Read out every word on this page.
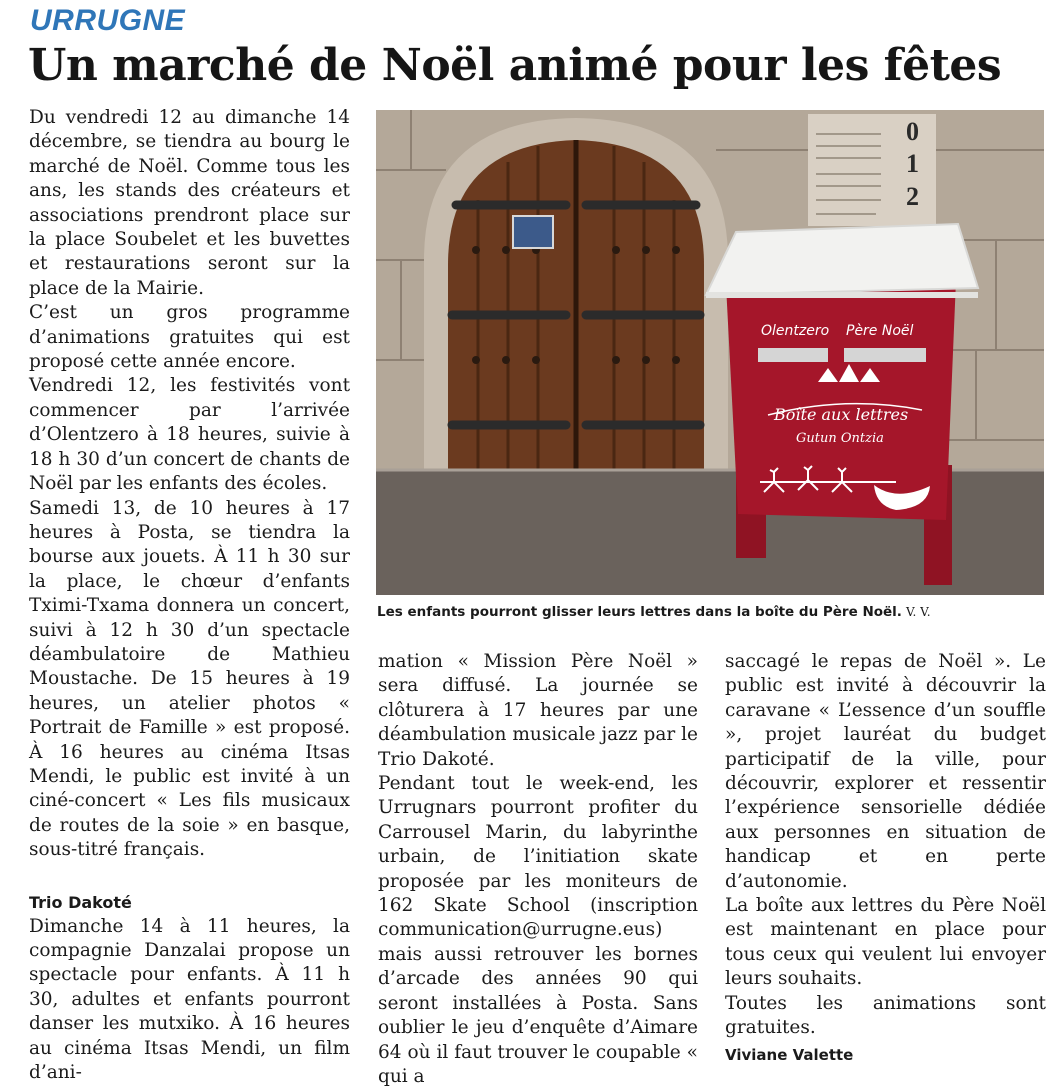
URRUGNE
Un marché de Noël animé pour les fêtes

Du vendredi 12 au dimanche 14 décembre, se tiendra au bourg le marché de Noël. Comme tous les ans, les stands des créateurs et associations prendront place sur la place Soubelet et les buvettes et restaurations seront sur la place de la Mairie.

C’est un gros programme d’animations gratuites qui est proposé cette année encore.

Vendredi 12, les festivités vont commencer par l’arrivée d’Olentzero à 18 heures, suivie à 18 h 30 d’un concert de chants de Noël par les enfants des écoles.

Samedi 13, de 10 heures à 17 heures à Posta, se tiendra la bourse aux jouets. À 11 h 30 sur la place, le chœur d’enfants Tximi-Txama donnera un concert, suivi à 12 h 30 d’un spectacle déambulatoire de Mathieu Moustache. De 15 heures à 19 heures, un atelier photos « Portrait de Famille » est proposé. À 16 heures au cinéma Itsas Mendi, le public est invité à un ciné-concert « Les fils musicaux de routes de la soie » en basque, sous-titré français.

Trio Dakoté

Dimanche 14 à 11 heures, la compagnie Danzalai propose un spectacle pour enfants. À 11 h 30, adultes et enfants pourront danser les mutxiko. À 16 heures au cinéma Itsas Mendi, un film d’ani-

0
1
2
Olentzero Père Noël
Boîte aux lettres
Gutun Ontzia
Les enfants pourront glisser leurs lettres dans la boîte du Père Noël. V. V.

mation « Mission Père Noël » sera diffusé. La journée se clôturera à 17 heures par une déambulation musicale jazz par le Trio Dakoté.

Pendant tout le week-end, les Urrugnars pourront profiter du Carrousel Marin, du labyrinthe urbain, de l’initiation skate proposée par les moniteurs de 162 Skate School (inscription communication@urrugne.eus) mais aussi retrouver les bornes d’arcade des années 90 qui seront installées à Posta. Sans oublier le jeu d’enquête d’Aimare 64 où il faut trouver le coupable « qui a

saccagé le repas de Noël ». Le public est invité à découvrir la caravane « L’essence d’un souffle », projet lauréat du budget participatif de la ville, pour découvrir, explorer et ressentir l’expérience sensorielle dédiée aux personnes en situation de handicap et en perte d’autonomie.

La boîte aux lettres du Père Noël est maintenant en place pour tous ceux qui veulent lui envoyer leurs souhaits.

Toutes les animations sont gratuites.

Viviane Valette
